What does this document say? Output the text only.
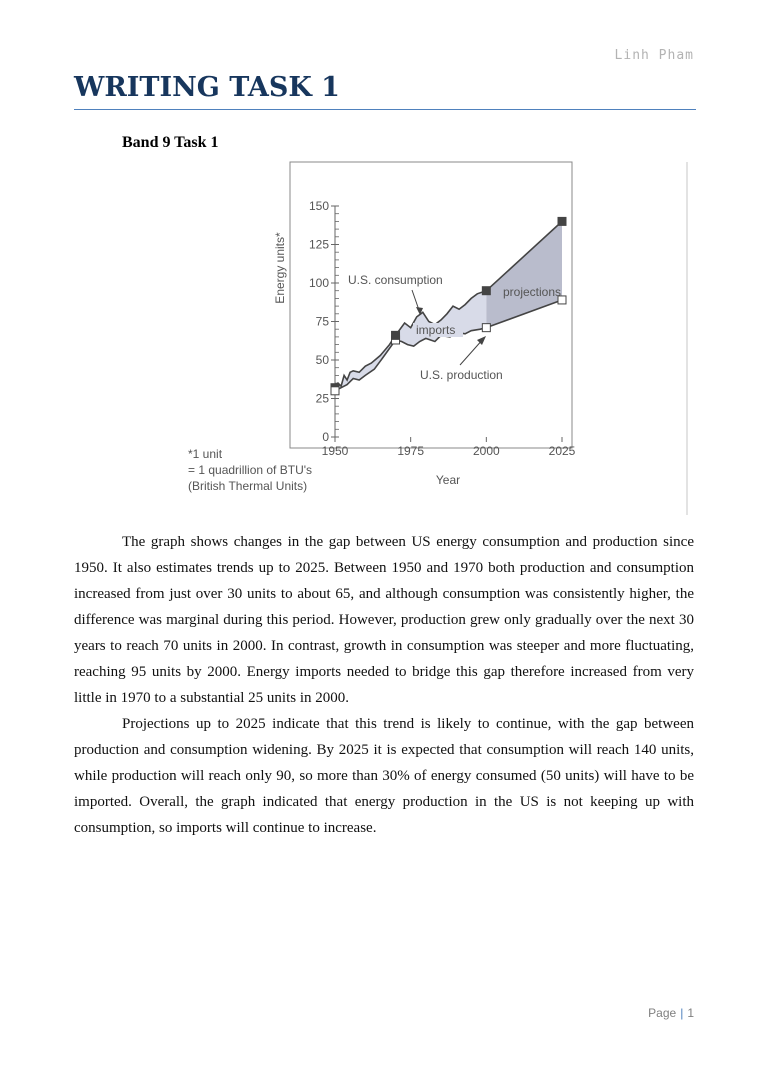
Linh Pham
WRITING TASK 1
Band 9 Task 1
0
25
50
75
100
125
150
1950	1975	2000	2025
U.S. consumption
imports
projections
U.S. production
Energy units*
Year
*1 unit
= 1 quadrillion of BTU's
(British Thermal Units)

The graph shows changes in the gap between US energy consumption and production since 1950. It also estimates trends up to 2025. Between 1950 and 1970 both production and consumption increased from just over 30 units to about 65, and although consumption was consistently higher, the difference was marginal during this period. However, production grew only gradually over the next 30 years to reach 70 units in 2000. In contrast, growth in consumption was steeper and more fluctuating, reaching 95 units by 2000. Energy imports needed to bridge this gap therefore increased from very little in 1970 to a substantial 25 units in 2000.

Projections up to 2025 indicate that this trend is likely to continue, with the gap between production and consumption widening. By 2025 it is expected that consumption will reach 140 units, while production will reach only 90, so more than 30% of energy consumed (50 units) will have to be imported. Overall, the graph indicated that energy production in the US is not keeping up with consumption, so imports will continue to increase.

Page | 1
